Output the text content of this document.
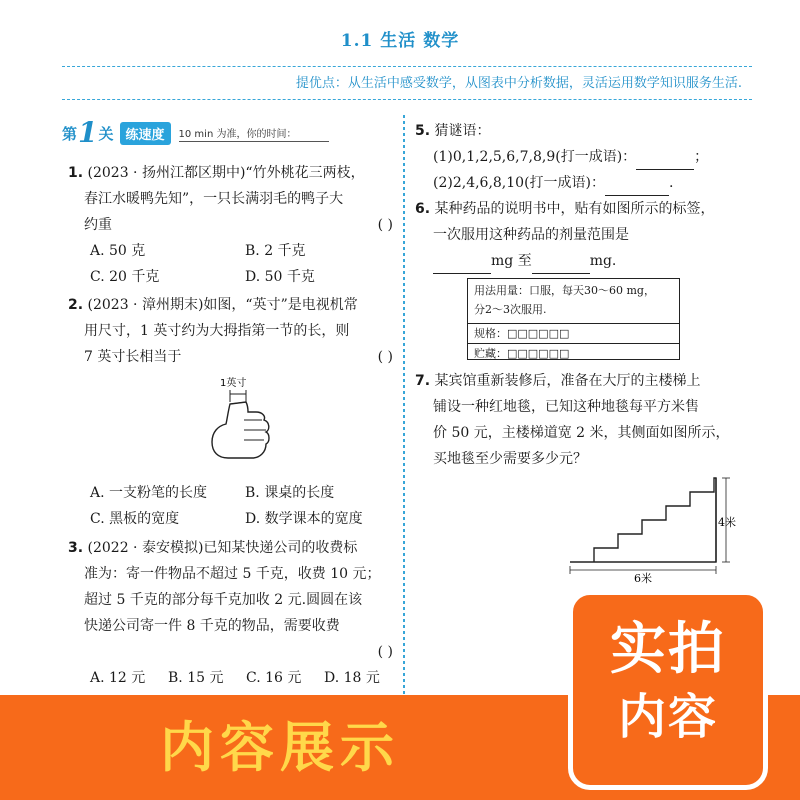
1.1 生活 数学
提优点：从生活中感受数学，从图表中分析数据，灵活运用数学知识服务生活.
第 1 关 练速度	10 min 为准，你的时间：
1. (2023 · 扬州江都区期中)“竹外桃花三两枝，
春江水暖鸭先知”，一只长满羽毛的鸭子大
约重	( )
A. 50 克	B. 2 千克
C. 20 千克	D. 50 千克
2. (2023 · 漳州期末)如图，“英寸”是电视机常
用尺寸，1 英寸约为大拇指第一节的长，则
7 英寸长相当于	( )
1英寸
A. 一支粉笔的长度	B. 课桌的长度
C. 黑板的宽度	D. 数学课本的宽度
3. (2022 · 泰安模拟)已知某快递公司的收费标
准为：寄一件物品不超过 5 千克，收费 10 元；
超过 5 千克的部分每千克加收 2 元.圆圆在该
快递公司寄一件 8 千克的物品，需要收费
( )
A. 12 元	B. 15 元	C. 16 元	D. 18 元
5. 猜谜语：
(1)0,1,2,5,6,7,8,9(打一成语)：	；
(2)2,4,6,8,10(打一成语)：	.
6. 某种药品的说明书中，贴有如图所示的标签，
一次服用这种药品的剂量范围是
mg 至	mg.
用法用量：口服，每天30～60 mg，
分2～3次服用.
规格：□□□□□□
贮藏：□□□□□□
7. 某宾馆重新装修后，准备在大厅的主楼梯上
铺设一种红地毯，已知这种地毯每平方米售
价 50 元，主楼梯道宽 2 米，其侧面如图所示，
买地毯至少需要多少元？
4米
6米
内容展示
实拍
内容
